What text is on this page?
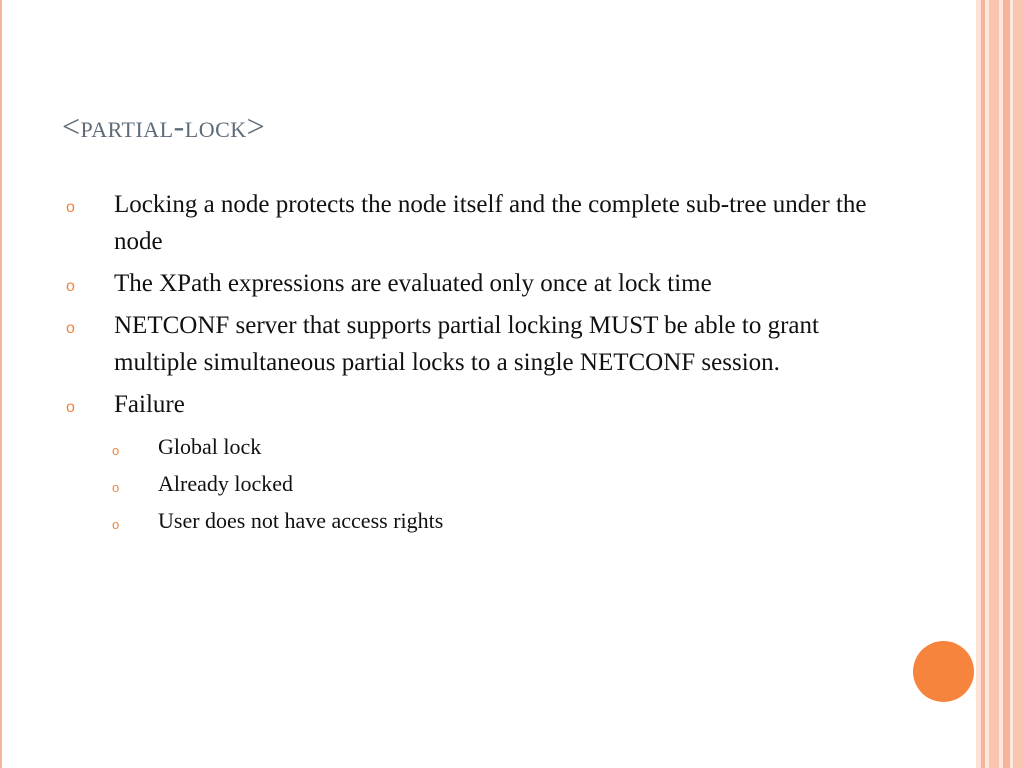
<partial-lock>
o Locking a node protects the node itself and the complete sub-tree under the node
o The XPath expressions are evaluated only once at lock time
o NETCONF server that supports partial locking MUST be able to grant multiple simultaneous partial locks to a single NETCONF session.
o Failure
o Global lock
o Already locked
o User does not have access rights
